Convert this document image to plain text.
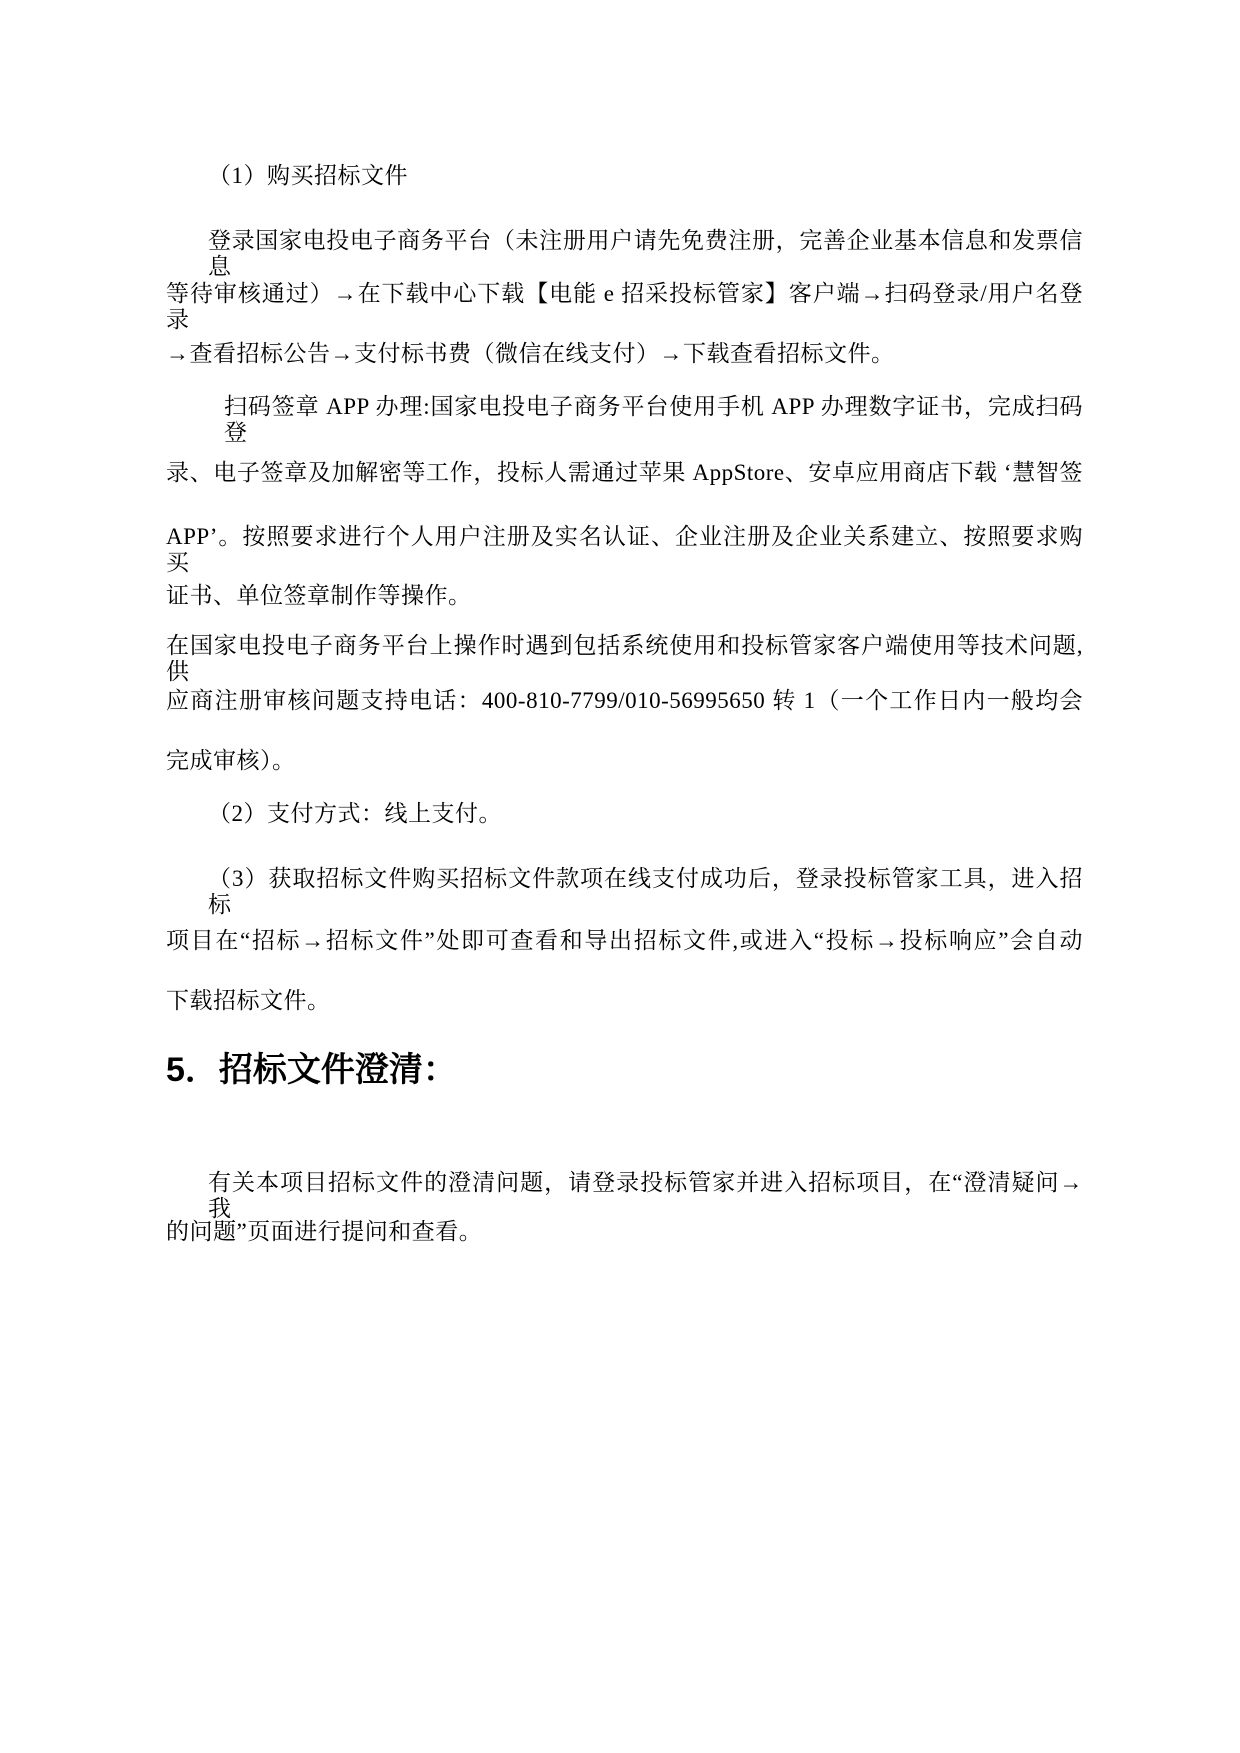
（1）购买招标文件
登录国家电投电子商务平台（未注册用户请先免费注册，完善企业基本信息和发票信息
等待审核通过）→在下载中心下载【电能 e 招采投标管家】客户端→扫码登录/用户名登录
→查看招标公告→支付标书费（微信在线支付）→下载查看招标文件。
扫码签章 APP 办理:国家电投电子商务平台使用手机 APP 办理数字证书，完成扫码登
录、电子签章及加解密等工作，投标人需通过苹果 AppStore、安卓应用商店下载 ‘慧智签
APP’。按照要求进行个人用户注册及实名认证、企业注册及企业关系建立、按照要求购买
证书、单位签章制作等操作。
在国家电投电子商务平台上操作时遇到包括系统使用和投标管家客户端使用等技术问题,供
应商注册审核问题支持电话：400-810-7799/010-56995650 转 1（一个工作日内一般均会
完成审核）。
（2）支付方式：线上支付。
（3）获取招标文件购买招标文件款项在线支付成功后，登录投标管家工具，进入招标
项目在“招标→招标文件”处即可查看和导出招标文件,或进入“投标→投标响应”会自动
下载招标文件。
5．招标文件澄清：
有关本项目招标文件的澄清问题，请登录投标管家并进入招标项目，在“澄清疑问→我
的问题”页面进行提问和查看。
